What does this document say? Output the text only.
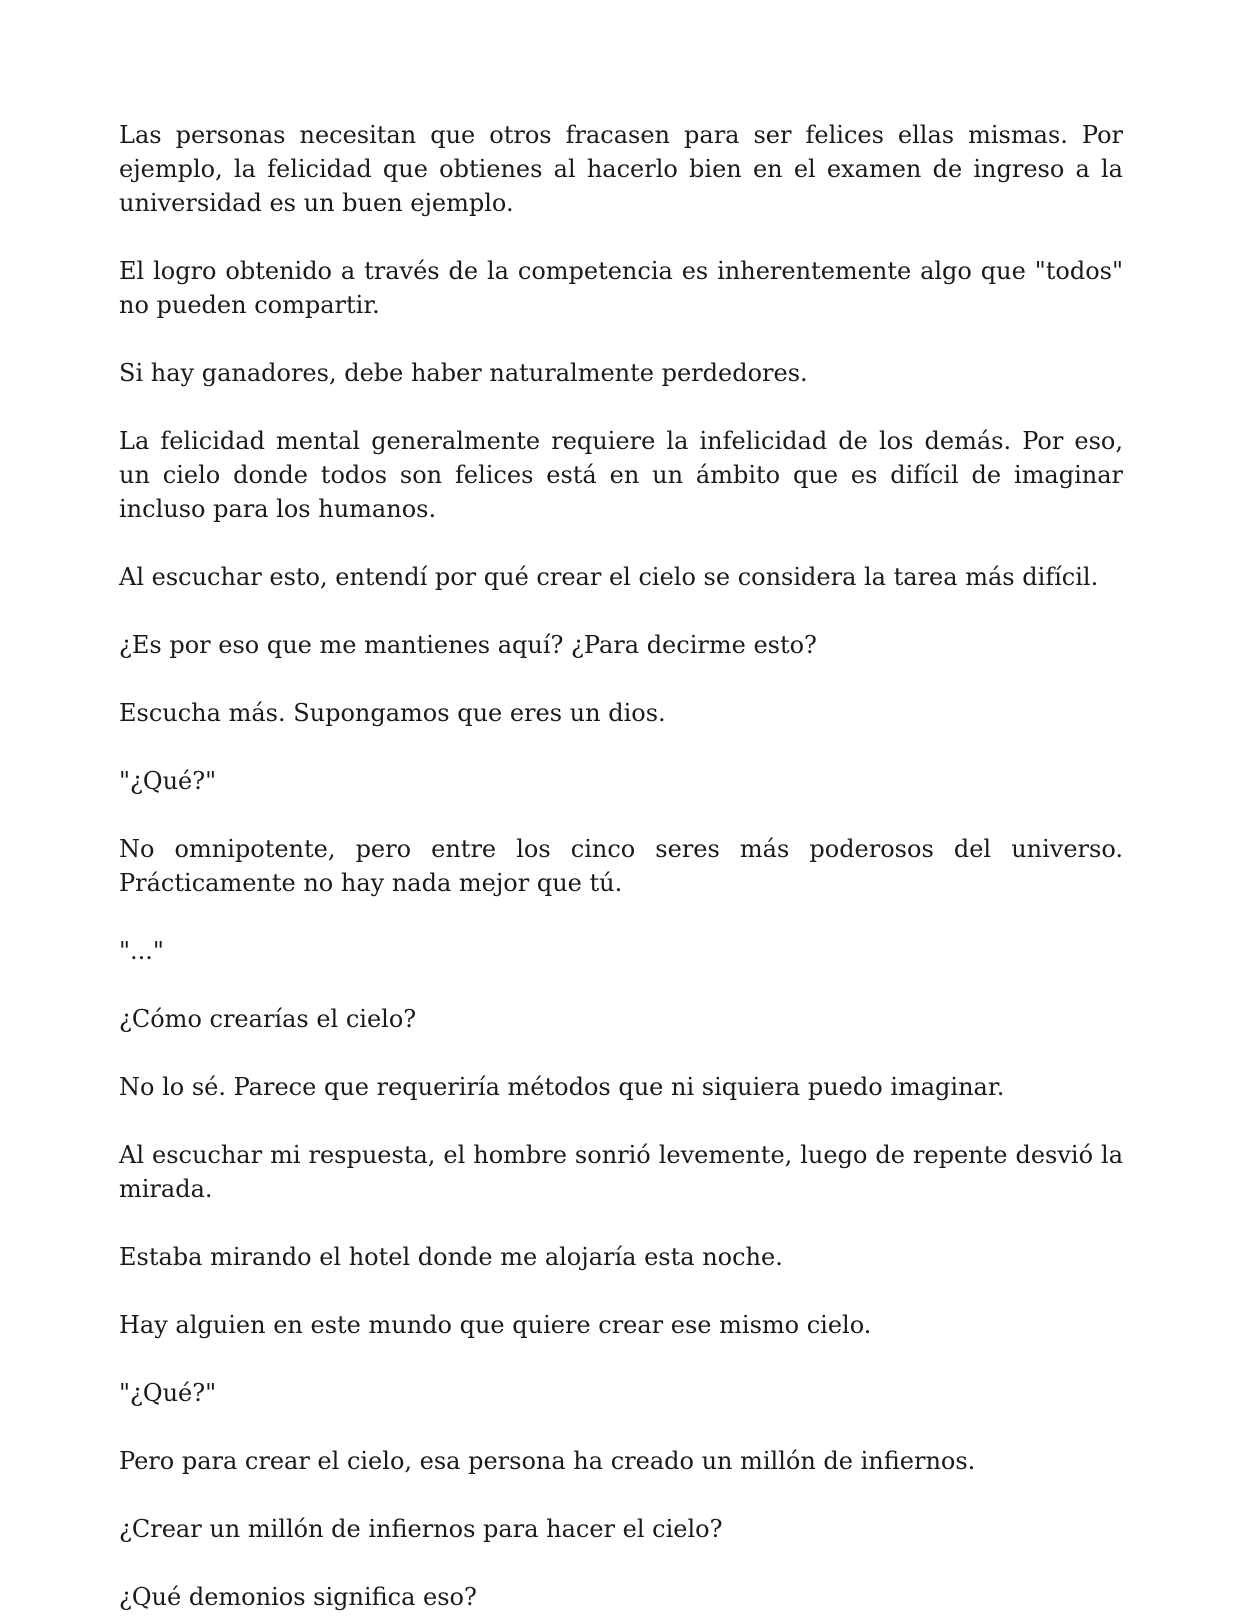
Las personas necesitan que otros fracasen para ser felices ellas mismas. Por ejemplo, la felicidad que obtienes al hacerlo bien en el examen de ingreso a la universidad es un buen ejemplo.

El logro obtenido a través de la competencia es inherentemente algo que "todos" no pueden compartir.

Si hay ganadores, debe haber naturalmente perdedores.

La felicidad mental generalmente requiere la infelicidad de los demás. Por eso, un cielo donde todos son felices está en un ámbito que es difícil de imaginar incluso para los humanos.

Al escuchar esto, entendí por qué crear el cielo se considera la tarea más difícil.

¿Es por eso que me mantienes aquí? ¿Para decirme esto?

Escucha más. Supongamos que eres un dios.

"¿Qué?"

No omnipotente, pero entre los cinco seres más poderosos del universo. Prácticamente no hay nada mejor que tú.

"..."

¿Cómo crearías el cielo?

No lo sé. Parece que requeriría métodos que ni siquiera puedo imaginar.

Al escuchar mi respuesta, el hombre sonrió levemente, luego de repente desvió la mirada.

Estaba mirando el hotel donde me alojaría esta noche.

Hay alguien en este mundo que quiere crear ese mismo cielo.

"¿Qué?"

Pero para crear el cielo, esa persona ha creado un millón de infiernos.

¿Crear un millón de infiernos para hacer el cielo?

¿Qué demonios significa eso?
